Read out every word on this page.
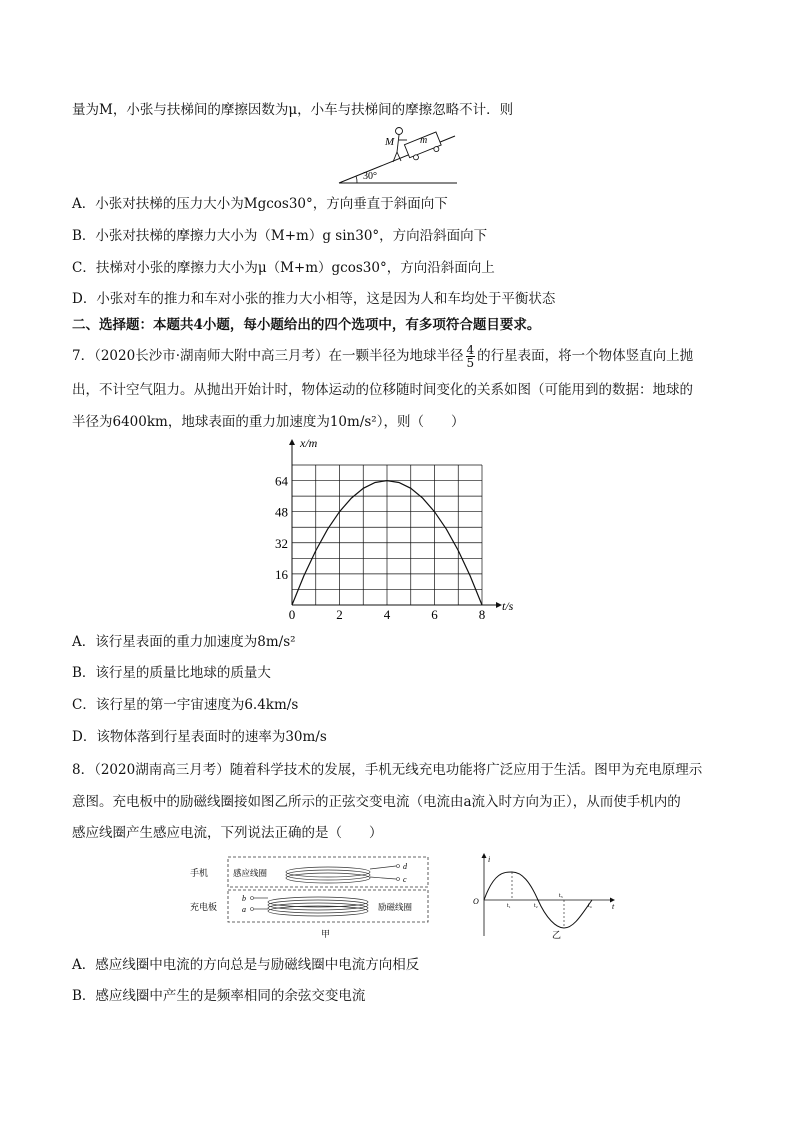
量为M，小张与扶梯间的摩擦因数为μ，小车与扶梯间的摩擦忽略不计．则
30°
M	m
A．小张对扶梯的压力大小为Mgcos30°，方向垂直于斜面向下
B．小张对扶梯的摩擦力大小为（M+m）g sin30°，方向沿斜面向下
C．扶梯对小张的摩擦力大小为μ（M+m）gcos30°，方向沿斜面向上
D．小张对车的推力和车对小张的推力大小相等，这是因为人和车均处于平衡状态
二、选择题：本题共4小题，每小题给出的四个选项中，有多项符合题目要求。
7．（2020长沙市·湖南师大附中高三月考）在一颗半径为地球半径 $\frac{4}{5}$ 的行星表面，将一个物体竖直向上抛
出，不计空气阻力。从抛出开始计时，物体运动的位移随时间变化的关系如图（可能用到的数据：地球的
半径为6400km，地球表面的重力加速度为10m/s²），则（　　）
x/m
t/s
0	2	4	6	8
16
32
48
64
A．该行星表面的重力加速度为8m/s²
B．该行星的质量比地球的质量大
C．该行星的第一宇宙速度为6.4km/s
D．该物体落到行星表面时的速率为30m/s
8．（2020湖南高三月考）随着科学技术的发展，手机无线充电功能将广泛应用于生活。图甲为充电原理示
意图。充电板中的励磁线圈接如图乙所示的正弦交变电流（电流由a流入时方向为正），从而使手机内的
感应线圈产生感应电流，下列说法正确的是（　　）
手机
充电板
感应线圈
d
c
b
a	励磁线圈
甲
i
O
t
t₁	t₂
t₃
t₄
乙
A．感应线圈中电流的方向总是与励磁线圈中电流方向相反
B．感应线圈中产生的是频率相同的余弦交变电流
